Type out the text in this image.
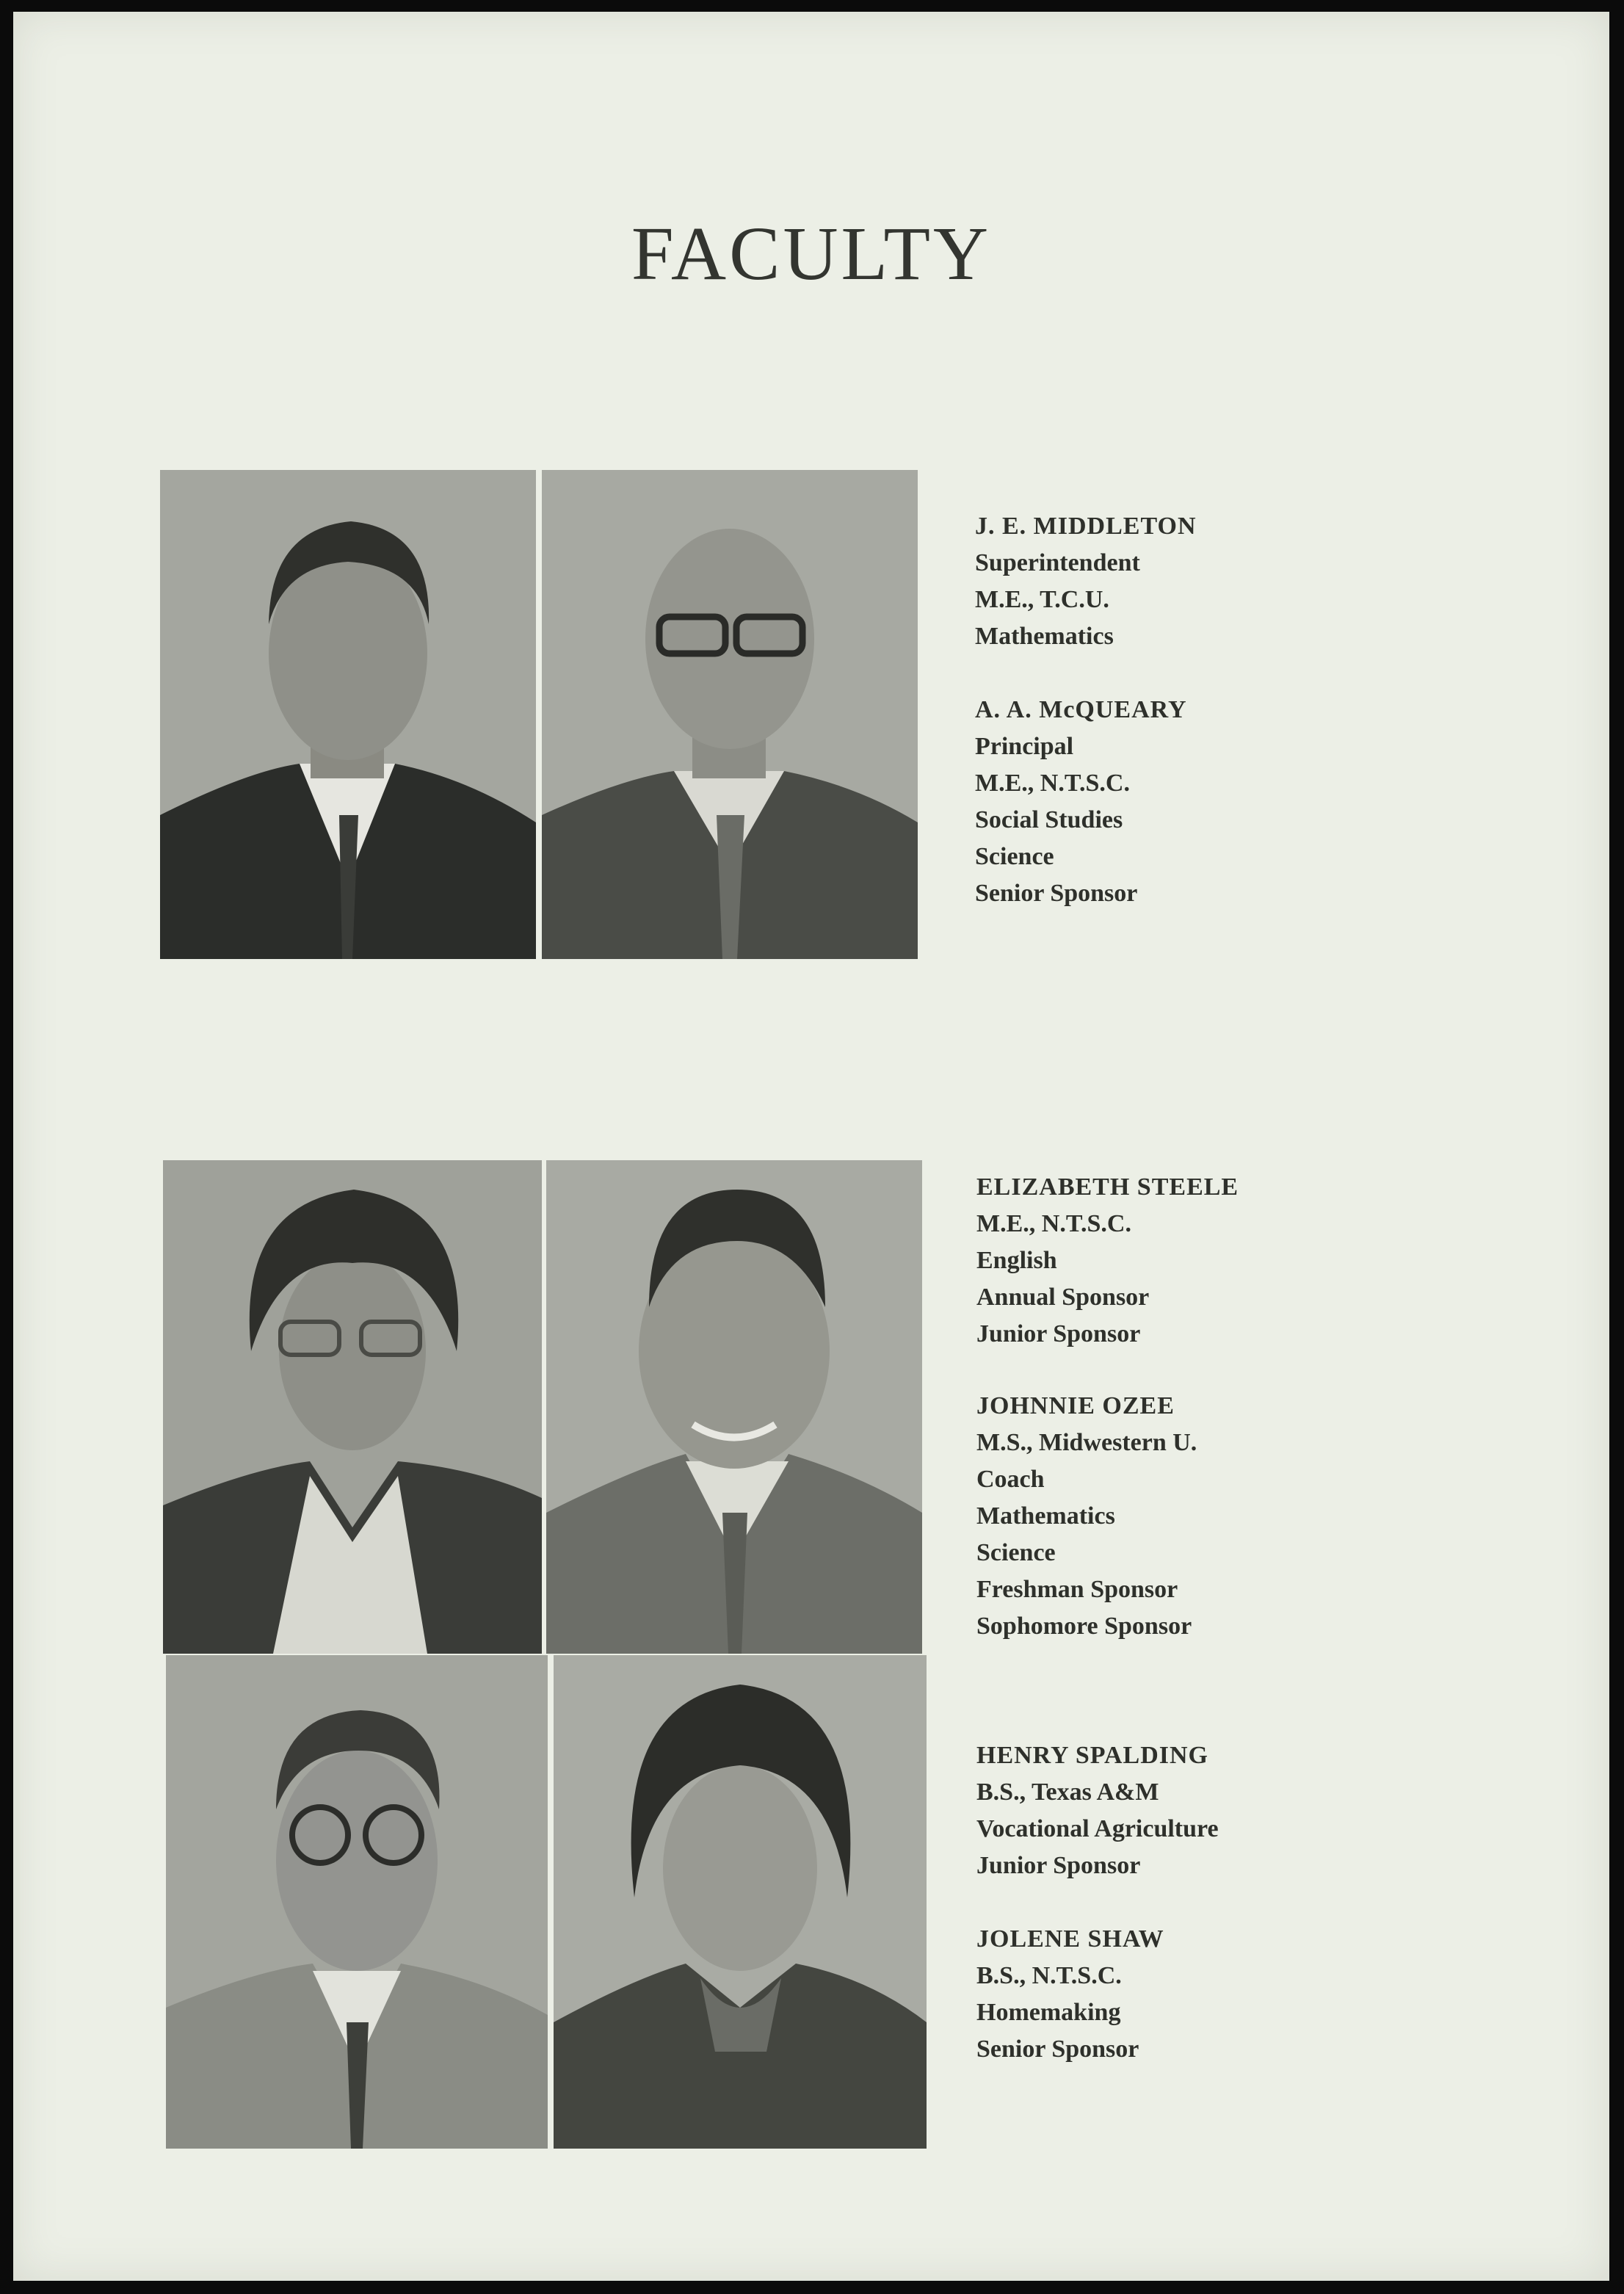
FACULTY
J. E. MIDDLETON
Superintendent
M.E., T.C.U.
Mathematics
A. A. McQUEARY
Principal
M.E., N.T.S.C.
Social Studies
Science
Senior Sponsor
ELIZABETH STEELE
M.E., N.T.S.C.
English
Annual Sponsor
Junior Sponsor
JOHNNIE OZEE
M.S., Midwestern U.
Coach
Mathematics
Science
Freshman Sponsor
Sophomore Sponsor
HENRY SPALDING
B.S., Texas A&M
Vocational Agriculture
Junior Sponsor
JOLENE SHAW
B.S., N.T.S.C.
Homemaking
Senior Sponsor
